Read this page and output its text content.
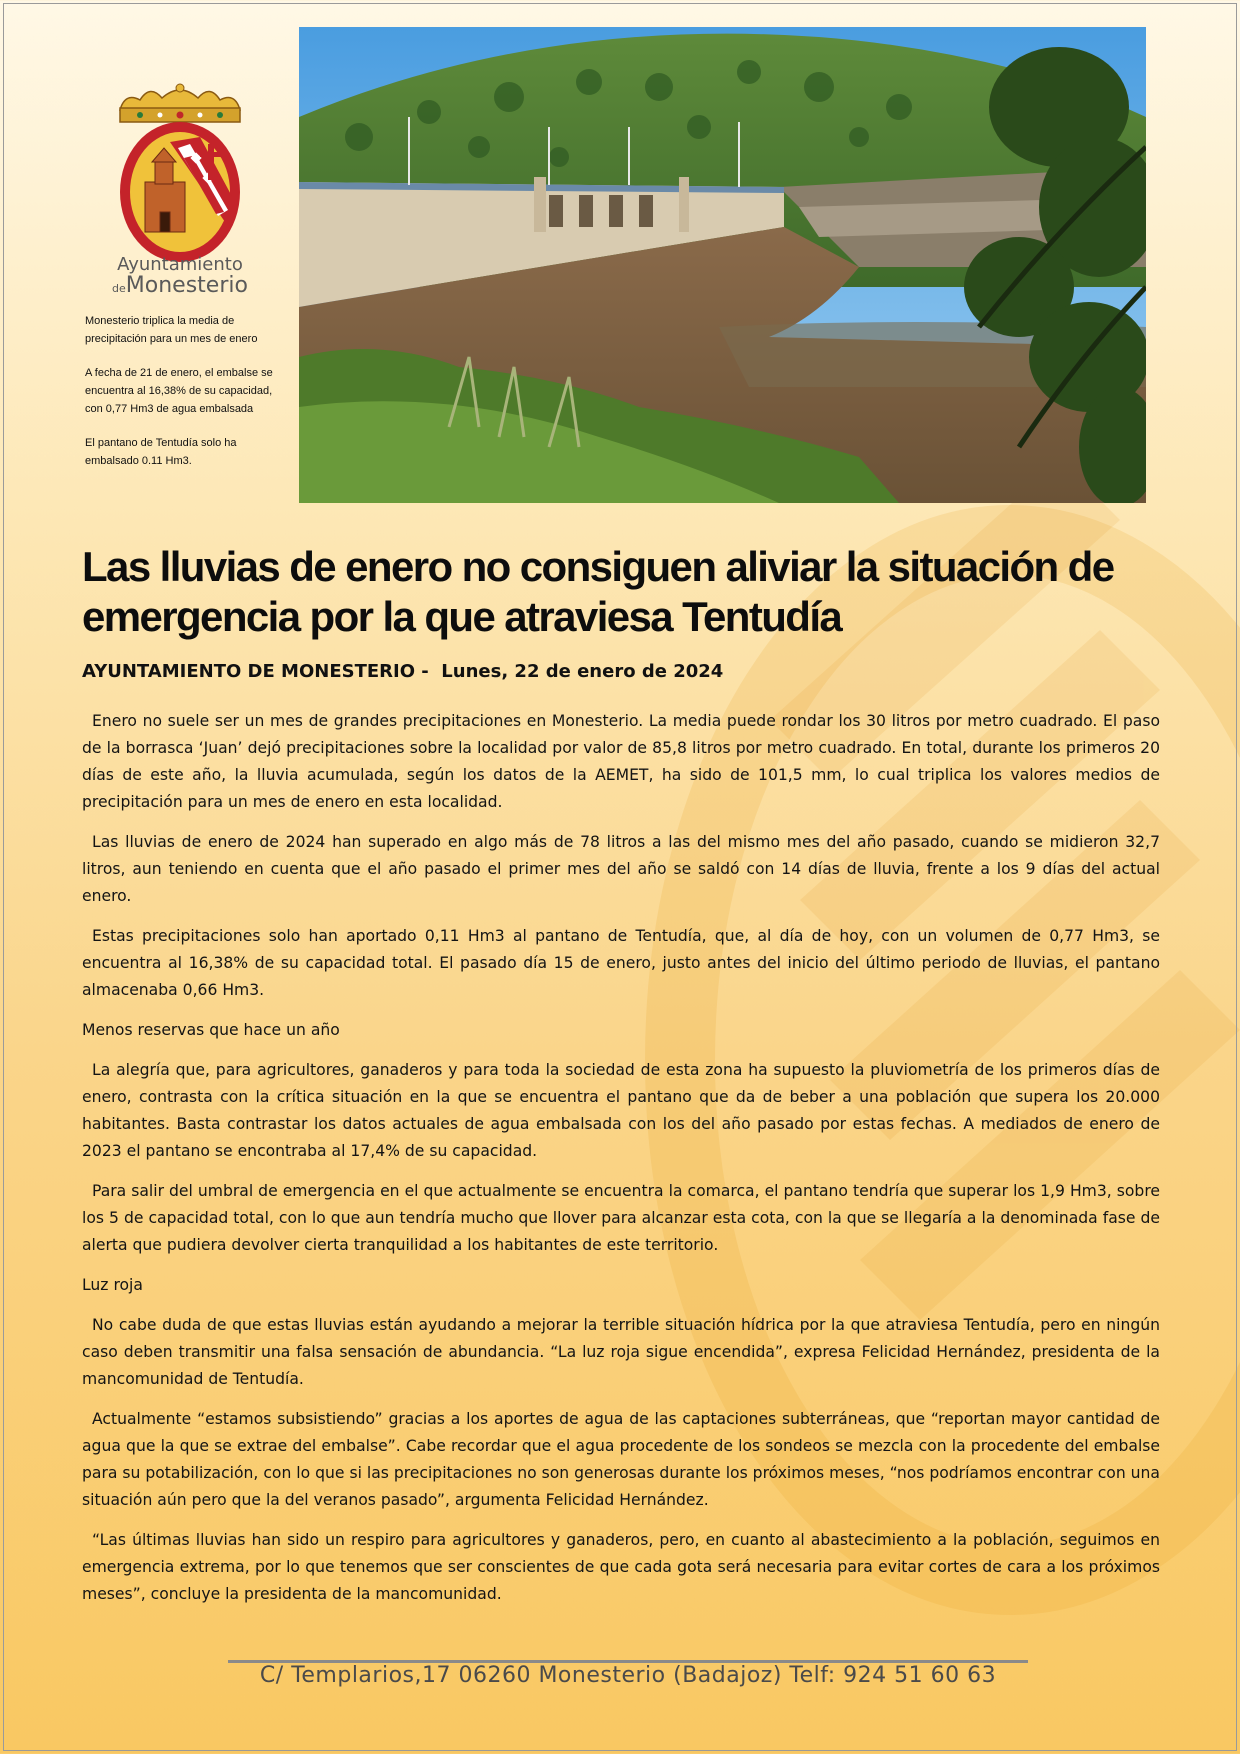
Ayuntamiento
deMonesterio

Monesterio triplica la media de precipitación para un mes de enero

A fecha de 21 de enero, el embalse se encuentra al 16,38% de su capacidad, con 0,77 Hm3 de agua embalsada

El pantano de Tentudía solo ha embalsado 0.11 Hm3.

Las lluvias de enero no consiguen aliviar la situación de emergencia por la que atraviesa Tentudía

AYUNTAMIENTO DE MONESTERIO -  Lunes, 22 de enero de 2024

Enero no suele ser un mes de grandes precipitaciones en Monesterio. La media puede rondar los 30 litros por metro cuadrado. El paso de la borrasca ‘Juan’ dejó precipitaciones sobre la localidad por valor de 85,8 litros por metro cuadrado. En total, durante los primeros 20 días de este año, la lluvia acumulada, según los datos de la AEMET, ha sido de 101,5 mm, lo cual triplica los valores medios de precipitación para un mes de enero en esta localidad.

Las lluvias de enero de 2024 han superado en algo más de 78 litros a las del mismo mes del año pasado, cuando se midieron 32,7 litros, aun teniendo en cuenta que el año pasado el primer mes del año se saldó con 14 días de lluvia, frente a los 9 días del actual enero.

Estas precipitaciones solo han aportado 0,11 Hm3 al pantano de Tentudía, que, al día de hoy, con un volumen de 0,77 Hm3, se encuentra al 16,38% de su capacidad total. El pasado día 15 de enero, justo antes del inicio del último periodo de lluvias, el pantano almacenaba 0,66 Hm3.

Menos reservas que hace un año

La alegría que, para agricultores, ganaderos y para toda la sociedad de esta zona ha supuesto la pluviometría de los primeros días de enero, contrasta con la crítica situación en la que se encuentra el pantano que da de beber a una población que supera los 20.000 habitantes. Basta contrastar los datos actuales de agua embalsada con los del año pasado por estas fechas. A mediados de enero de 2023 el pantano se encontraba al 17,4% de su capacidad.

Para salir del umbral de emergencia en el que actualmente se encuentra la comarca, el pantano tendría que superar los 1,9 Hm3, sobre los 5 de capacidad total, con lo que aun tendría mucho que llover para alcanzar esta cota, con la que se llegaría a la denominada fase de alerta que pudiera devolver cierta tranquilidad a los habitantes de este territorio.

Luz roja

No cabe duda de que estas lluvias están ayudando a mejorar la terrible situación hídrica por la que atraviesa Tentudía, pero en ningún caso deben transmitir una falsa sensación de abundancia. “La luz roja sigue encendida”, expresa Felicidad Hernández, presidenta de la mancomunidad de Tentudía.

Actualmente “estamos subsistiendo” gracias a los aportes de agua de las captaciones subterráneas, que “reportan mayor cantidad de agua que la que se extrae del embalse”. Cabe recordar que el agua procedente de los sondeos se mezcla con la procedente del embalse para su potabilización, con lo que si las precipitaciones no son generosas durante los próximos meses, “nos podríamos encontrar con una situación aún pero que la del veranos pasado”, argumenta Felicidad Hernández.

“Las últimas lluvias han sido un respiro para agricultores y ganaderos, pero, en cuanto al abastecimiento a la población, seguimos en emergencia extrema, por lo que tenemos que ser conscientes de que cada gota será necesaria para evitar cortes de cara a los próximos meses”, concluye la presidenta de la mancomunidad.

C/ Templarios,17 06260 Monesterio (Badajoz) Telf: 924 51 60 63
